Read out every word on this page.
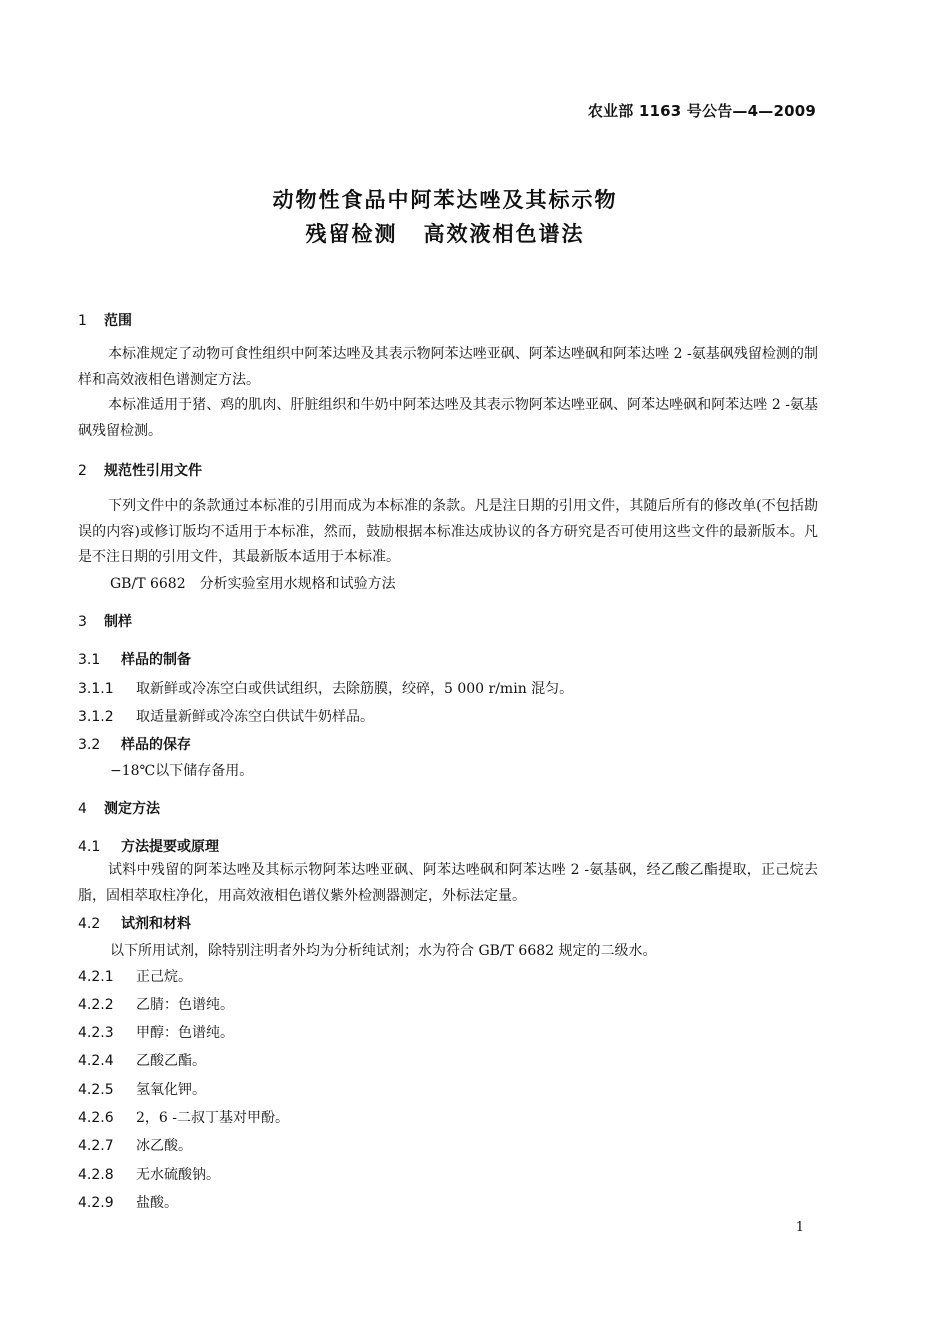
农业部 1163 号公告—4—2009
动物性食品中阿苯达唑及其标示物
残留检测 高效液相色谱法
1 范围
本标准规定了动物可食性组织中阿苯达唑及其表示物阿苯达唑亚砜、阿苯达唑砜和阿苯达唑 2 -氨基砜残留检测的制样和高效液相色谱测定方法。
本标准适用于猪、鸡的肌肉、肝脏组织和牛奶中阿苯达唑及其表示物阿苯达唑亚砜、阿苯达唑砜和阿苯达唑 2 -氨基砜残留检测。
2 规范性引用文件
下列文件中的条款通过本标准的引用而成为本标准的条款。凡是注日期的引用文件，其随后所有的修改单(不包括勘误的内容)或修订版均不适用于本标准，然而，鼓励根据本标准达成协议的各方研究是否可使用这些文件的最新版本。凡是不注日期的引用文件，其最新版本适用于本标准。
GB/T 6682　分析实验室用水规格和试验方法
3 制样
3.1 样品的制备
3.1.1 取新鲜或冷冻空白或供试组织，去除筋膜，绞碎，5 000 r/min 混匀。
3.1.2 取适量新鲜或冷冻空白供试牛奶样品。
3.2 样品的保存
−18℃以下储存备用。
4 测定方法
4.1 方法提要或原理
试料中残留的阿苯达唑及其标示物阿苯达唑亚砜、阿苯达唑砜和阿苯达唑 2 -氨基砜，经乙酸乙酯提取，正己烷去脂，固相萃取柱净化，用高效液相色谱仪紫外检测器测定，外标法定量。
4.2 试剂和材料
以下所用试剂，除特别注明者外均为分析纯试剂；水为符合 GB/T 6682 规定的二级水。
4.2.1 正己烷。
4.2.2 乙腈：色谱纯。
4.2.3 甲醇：色谱纯。
4.2.4 乙酸乙酯。
4.2.5 氢氧化钾。
4.2.6 2，6 -二叔丁基对甲酚。
4.2.7 冰乙酸。
4.2.8 无水硫酸钠。
4.2.9 盐酸。
1
